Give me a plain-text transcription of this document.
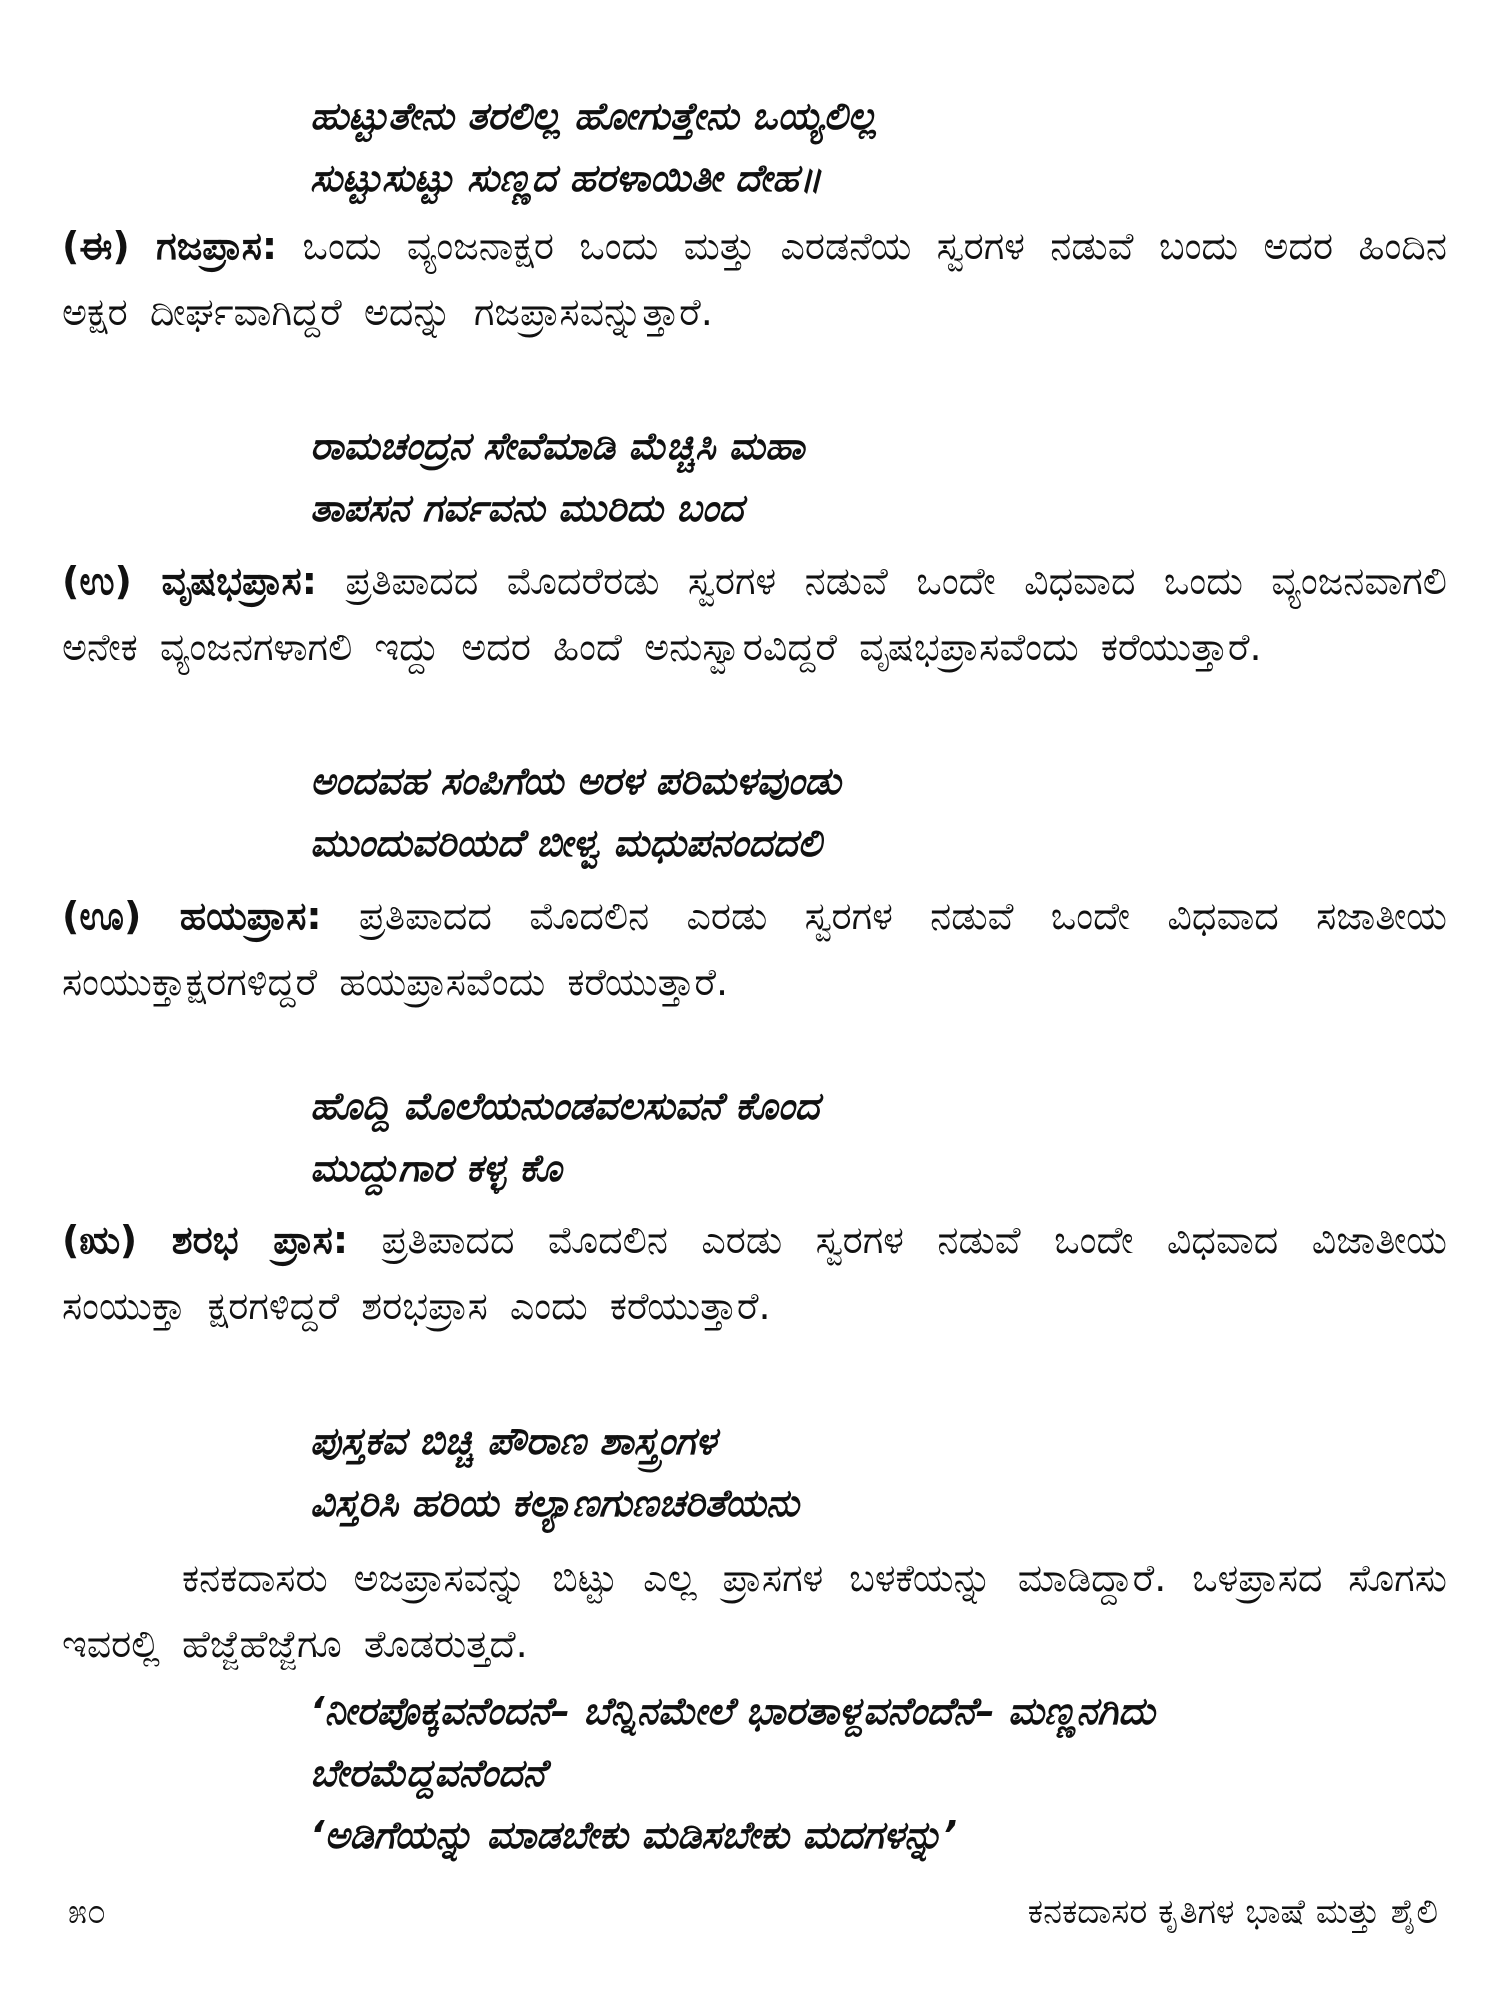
ಹುಟ್ಟುತೇನು ತರಲಿಲ್ಲ ಹೋಗುತ್ತೇನು ಒಯ್ಯಲಿಲ್ಲ
ಸುಟ್ಟುಸುಟ್ಟು ಸುಣ್ಣದ ಹರಳಾಯಿತೀ ದೇಹ॥
(ಈ) ಗಜಪ್ರಾಸ: ಒಂದು ವ್ಯಂಜನಾಕ್ಷರ ಒಂದು ಮತ್ತು ಎರಡನೆಯ ಸ್ವರಗಳ ನಡುವೆ ಬಂದು ಅದರ ಹಿಂದಿನ ಅಕ್ಷರ ದೀರ್ಘವಾಗಿದ್ದರೆ ಅದನ್ನು ಗಜಪ್ರಾಸವನ್ನುತ್ತಾರೆ.
ರಾಮಚಂದ್ರನ ಸೇವೆಮಾಡಿ ಮೆಚ್ಚಿಸಿ ಮಹಾ
ತಾಪಸನ ಗರ್ವವನು ಮುರಿದು ಬಂದ
(ಉ) ವೃಷಭಪ್ರಾಸ: ಪ್ರತಿಪಾದದ ಮೊದರೆರಡು ಸ್ವರಗಳ ನಡುವೆ ಒಂದೇ ವಿಧವಾದ ಒಂದು ವ್ಯಂಜನವಾಗಲಿ ಅನೇಕ ವ್ಯಂಜನಗಳಾಗಲಿ ಇದ್ದು ಅದರ ಹಿಂದೆ ಅನುಸ್ವಾರವಿದ್ದರೆ ವೃಷಭಪ್ರಾಸವೆಂದು ಕರೆಯುತ್ತಾರೆ.
ಅಂದವಹ ಸಂಪಿಗೆಯ ಅರಳ ಪರಿಮಳವುಂಡು
ಮುಂದುವರಿಯದೆ ಬೀಳ್ವ ಮಧುಪನಂದದಲಿ
(ಊ) ಹಯಪ್ರಾಸ: ಪ್ರತಿಪಾದದ ಮೊದಲಿನ ಎರಡು ಸ್ವರಗಳ ನಡುವೆ ಒಂದೇ ವಿಧವಾದ ಸಜಾತೀಯ ಸಂಯುಕ್ತಾಕ್ಷರಗಳಿದ್ದರೆ ಹಯಪ್ರಾಸವೆಂದು ಕರೆಯುತ್ತಾರೆ.
ಹೊದ್ದಿ ಮೊಲೆಯನುಂಡವಲಸುವನೆ ಕೊಂದ
ಮುದ್ದುಗಾರ ಕಳ್ಳ ಕೊ
(ಋ) ಶರಭ ಪ್ರಾಸ: ಪ್ರತಿಪಾದದ ಮೊದಲಿನ ಎರಡು ಸ್ವರಗಳ ನಡುವೆ ಒಂದೇ ವಿಧವಾದ ವಿಜಾತೀಯ ಸಂಯುಕ್ತಾ ಕ್ಷರಗಳಿದ್ದರೆ ಶರಭಪ್ರಾಸ ಎಂದು ಕರೆಯುತ್ತಾರೆ.
ಪುಸ್ತಕವ ಬಿಚ್ಚಿ ಪೌರಾಣ ಶಾಸ್ತ್ರಂಗಳ
ವಿಸ್ತರಿಸಿ ಹರಿಯ ಕಲ್ಯಾಣಗುಣಚರಿತೆಯನು
ಕನಕದಾಸರು ಅಜಪ್ರಾಸವನ್ನು ಬಿಟ್ಟು ಎಲ್ಲ ಪ್ರಾಸಗಳ ಬಳಕೆಯನ್ನು ಮಾಡಿದ್ದಾರೆ. ಒಳಪ್ರಾಸದ ಸೊಗಸು ಇವರಲ್ಲಿ ಹೆಜ್ಜೆಹೆಜ್ಜೆಗೂ ತೊಡರುತ್ತದೆ.
‘ನೀರಪೊಕ್ಕವನೆಂದನೆ– ಬೆನ್ನಿನಮೇಲೆ ಭಾರತಾಳ್ದವನೆಂದೆನೆ– ಮಣ್ಣನಗಿದು
ಬೇರಮೆದ್ದವನೆಂದನೆ
‘ಅಡಿಗೆಯನ್ನು ಮಾಡಬೇಕು ಮಡಿಸಬೇಕು ಮದಗಳನ್ನು’
೫೦	ಕನಕದಾಸರ ಕೃತಿಗಳ ಭಾಷೆ ಮತ್ತು ಶೈಲಿ
